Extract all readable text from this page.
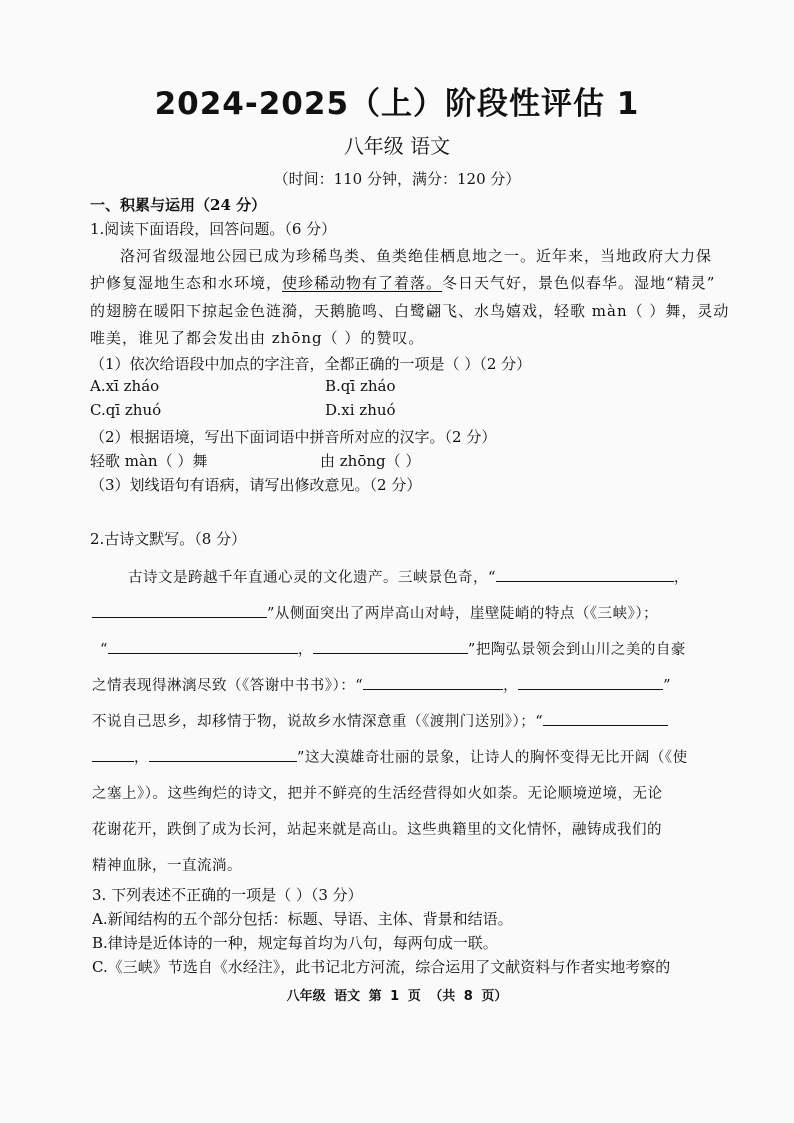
2024-2025（上）阶段性评估 1
八年级 语文
（时间：110 分钟，满分：120 分）
一、积累与运用（24 分）
1.阅读下面语段，回答问题。（6 分）
洛河省级湿地公园已成为珍稀鸟类、鱼类绝佳栖息地之一。近年来，当地政府大力保
护修复湿地生态和水环境，使珍稀动物有了着落。冬日天气好，景色似春华。湿地“精灵”
的翅膀在暖阳下掠起金色涟漪，天鹅脆鸣、白鹭翩飞、水鸟嬉戏，轻歌 màn（ ）舞，灵动
唯美，谁见了都会发出由 zhōng（ ）的赞叹。
（1）依次给语段中加点的字注音，全都正确的一项是（ ）（2 分）
A.xī zháo	B.qī zháo
C.qī zhuó	D.xi zhuó
（2）根据语境，写出下面词语中拼音所对应的汉字。（2 分）
轻歌 màn（ ）舞	由 zhōng（ ）
（3）划线语句有语病，请写出修改意见。（2 分）
2.古诗文默写。（8 分）
古诗文是跨越千年直通心灵的文化遗产。三峡景色奇，“	，
”从侧面突出了两岸高山对峙，崖壁陡峭的特点（《三峡》）；
“	，	”把陶弘景领会到山川之美的自豪
之情表现得淋漓尽致（《答谢中书书》）：“	，	”
不说自己思乡，却移情于物，说故乡水情深意重（《渡荆门送别》）；“
，	”这大漠雄奇壮丽的景象，让诗人的胸怀变得无比开阔（《使
之塞上》）。这些绚烂的诗文，把并不鲜亮的生活经营得如火如荼。无论顺境逆境，无论
花谢花开，跌倒了成为长河，站起来就是高山。这些典籍里的文化情怀，融铸成我们的
精神血脉，一直流淌。
3. 下列表述不正确的一项是（ ）（3 分）
A.新闻结构的五个部分包括：标题、导语、主体、背景和结语。
B.律诗是近体诗的一种，规定每首均为八句，每两句成一联。
C.《三峡》节选自《水经注》，此书记北方河流，综合运用了文献资料与作者实地考察的
八年级 语文 第 1 页 （共 8 页）
